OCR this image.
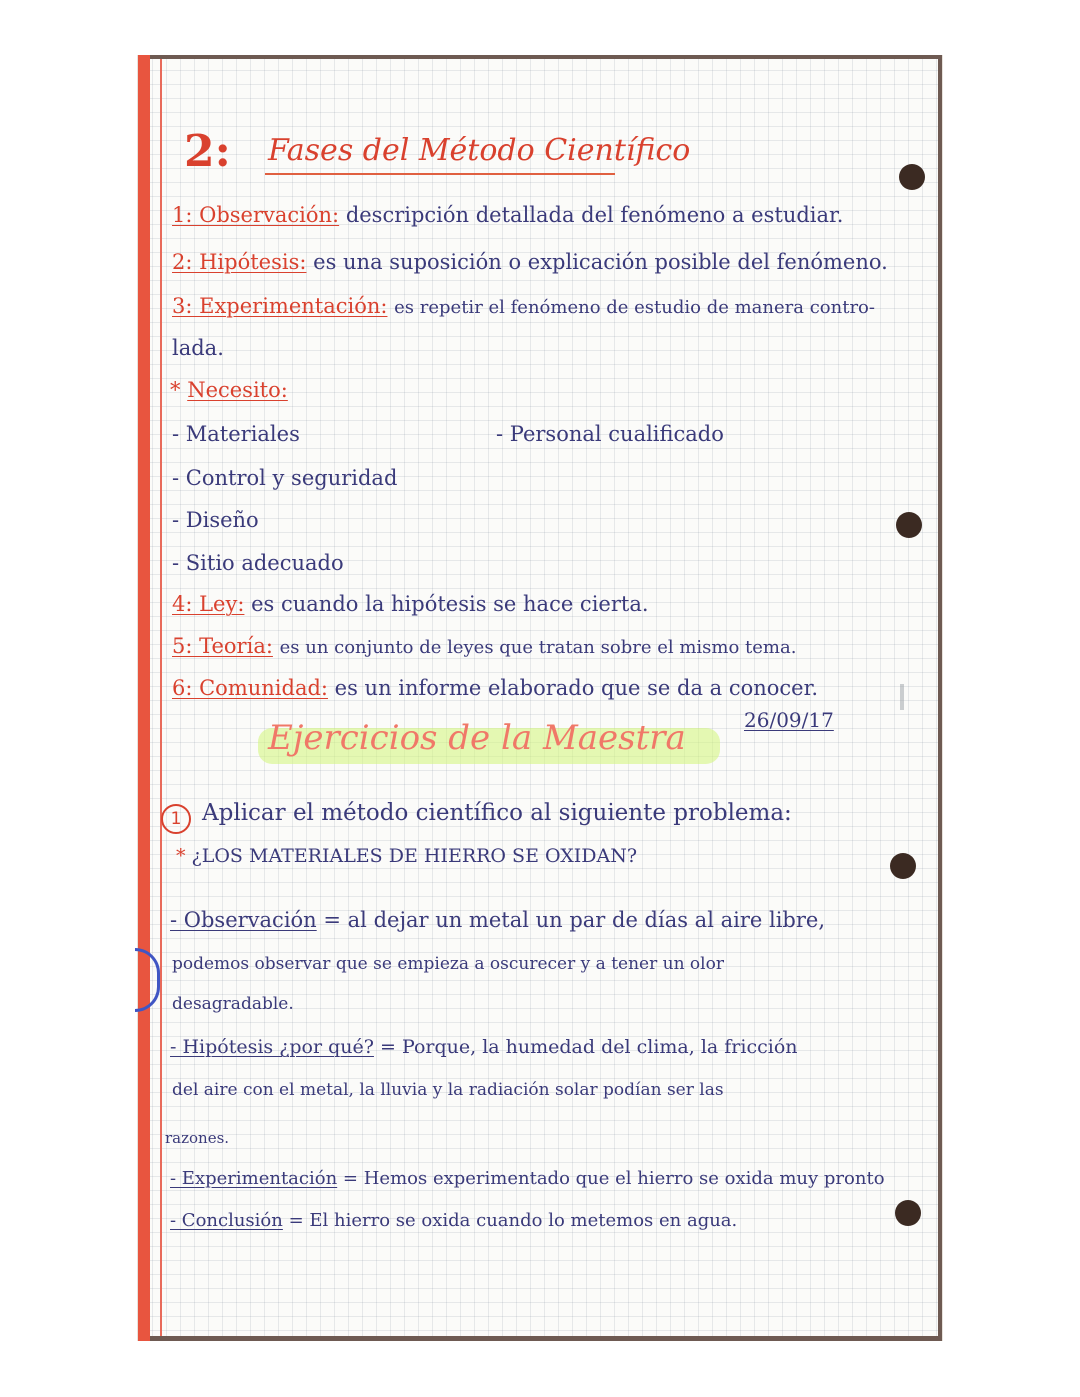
2: Fases del Método Científico
1: Observación: descripción detallada del fenómeno a estudiar.
2: Hipótesis: es una suposición o explicación posible del fenómeno.
3: Experimentación: es repetir el fenómeno de estudio de manera contro-
lada.
* Necesito:
- Materiales	- Personal cualificado
- Control y seguridad
- Diseño
- Sitio adecuado
4: Ley: es cuando la hipótesis se hace cierta.
5: Teoría: es un conjunto de leyes que tratan sobre el mismo tema.
6: Comunidad: es un informe elaborado que se da a conocer.
26/09/17
Ejercicios de la Maestra
1 Aplicar el método científico al siguiente problema:
* ¿LOS MATERIALES DE HIERRO SE OXIDAN?
- Observación = al dejar un metal un par de días al aire libre,
podemos observar que se empieza a oscurecer y a tener un olor
desagradable.
- Hipótesis ¿por qué? = Porque, la humedad del clima, la fricción
del aire con el metal, la lluvia y la radiación solar podían ser las
razones.
- Experimentación = Hemos experimentado que el hierro se oxida muy pronto
- Conclusión = El hierro se oxida cuando lo metemos en agua.
